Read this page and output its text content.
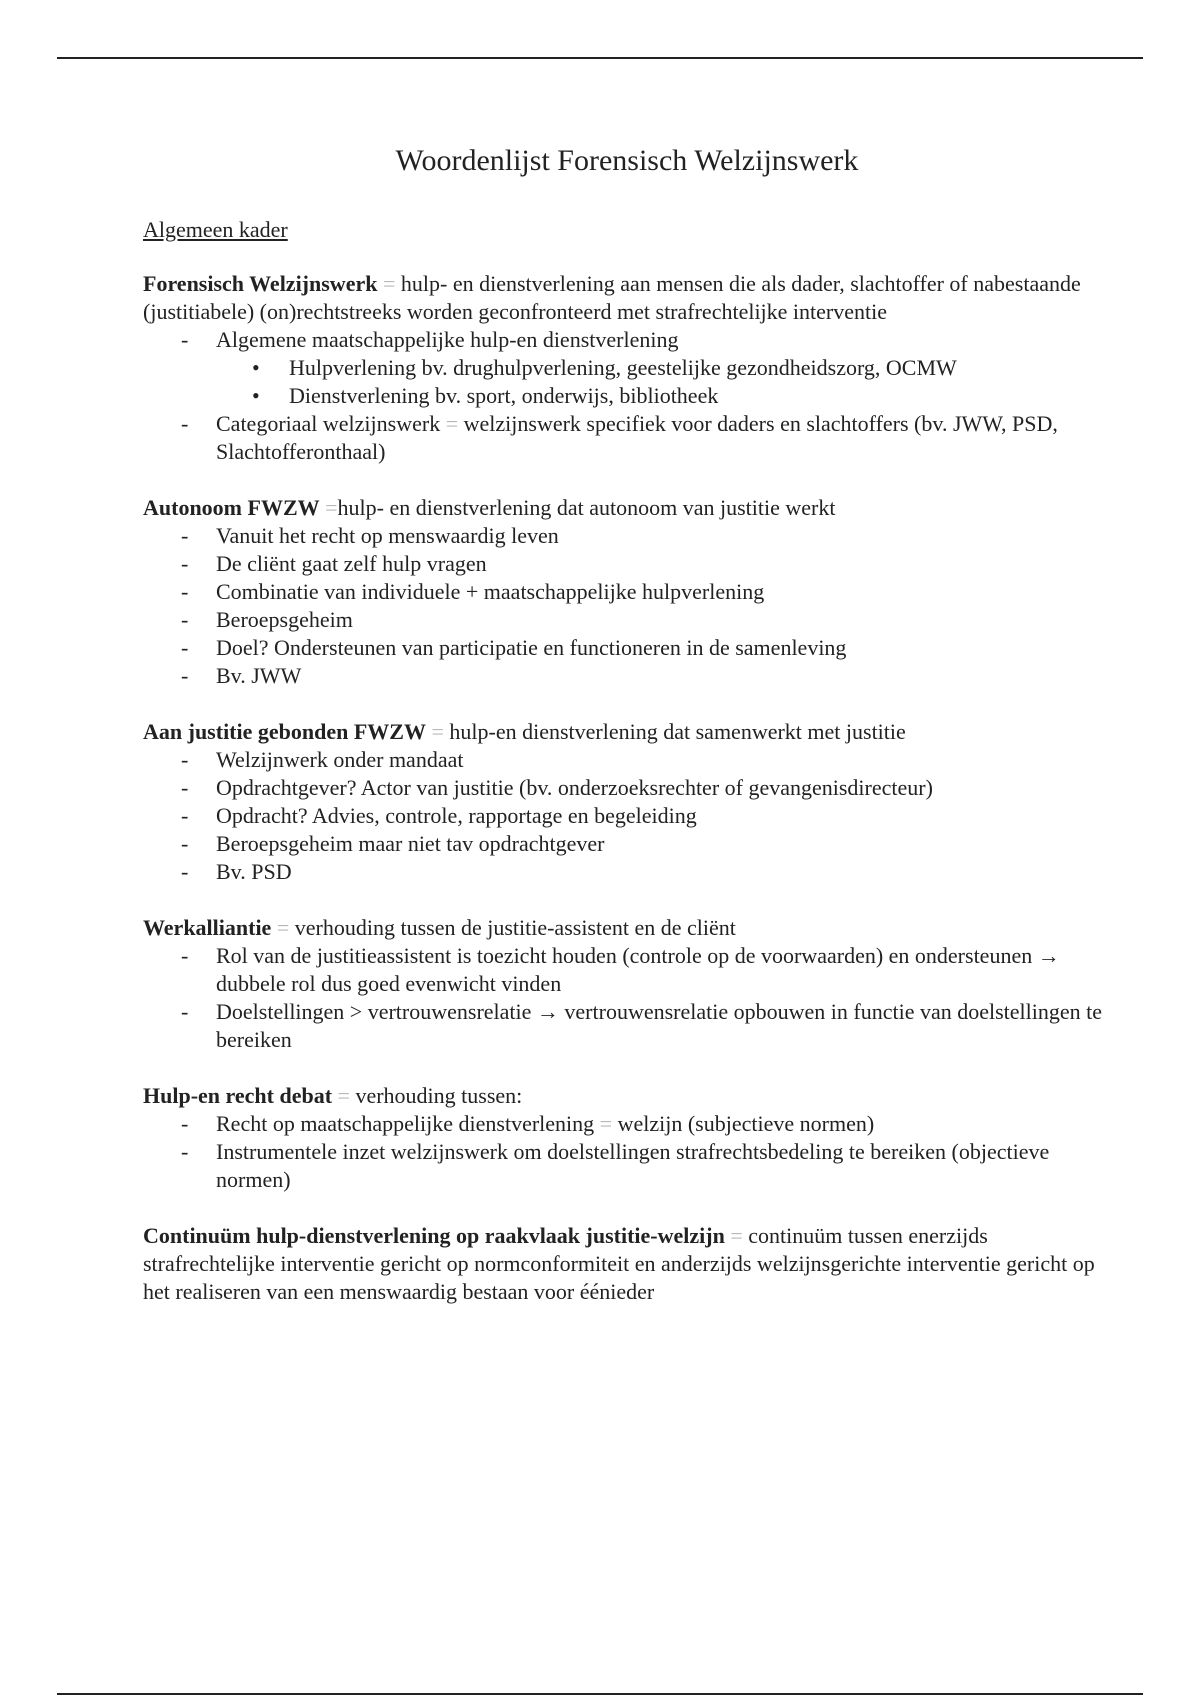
Woordenlijst Forensisch Welzijnswerk
Algemeen kader

Forensisch Welzijnswerk = hulp- en dienstverlening aan mensen die als dader, slachtoffer of nabestaande (justitiabele) (on)rechtstreeks worden geconfronteerd met strafrechtelijke interventie

- Algemene maatschappelijke hulp-en dienstverlening
• Hulpverlening bv. drughulpverlening, geestelijke gezondheidszorg, OCMW
• Dienstverlening bv. sport, onderwijs, bibliotheek
- Categoriaal welzijnswerk = welzijnswerk specifiek voor daders en slachtoffers (bv. JWW, PSD, Slachtofferonthaal)

Autonoom FWZW =hulp- en dienstverlening dat autonoom van justitie werkt

- Vanuit het recht op menswaardig leven
- De cliënt gaat zelf hulp vragen
- Combinatie van individuele + maatschappelijke hulpverlening
- Beroepsgeheim
- Doel? Ondersteunen van participatie en functioneren in de samenleving
- Bv. JWW

Aan justitie gebonden FWZW = hulp-en dienstverlening dat samenwerkt met justitie

- Welzijnwerk onder mandaat
- Opdrachtgever? Actor van justitie (bv. onderzoeksrechter of gevangenisdirecteur)
- Opdracht? Advies, controle, rapportage en begeleiding
- Beroepsgeheim maar niet tav opdrachtgever
- Bv. PSD

Werkalliantie = verhouding tussen de justitie-assistent en de cliënt

- Rol van de justitieassistent is toezicht houden (controle op de voorwaarden) en ondersteunen → dubbele rol dus goed evenwicht vinden
- Doelstellingen > vertrouwensrelatie → vertrouwensrelatie opbouwen in functie van doelstellingen te bereiken

Hulp-en recht debat = verhouding tussen:

- Recht op maatschappelijke dienstverlening = welzijn (subjectieve normen)
- Instrumentele inzet welzijnswerk om doelstellingen strafrechtsbedeling te bereiken (objectieve normen)

Continuüm hulp-dienstverlening op raakvlaak justitie-welzijn = continuüm tussen enerzijds strafrechtelijke interventie gericht op normconformiteit en anderzijds welzijnsgerichte interventie gericht op het realiseren van een menswaardig bestaan voor éénieder
